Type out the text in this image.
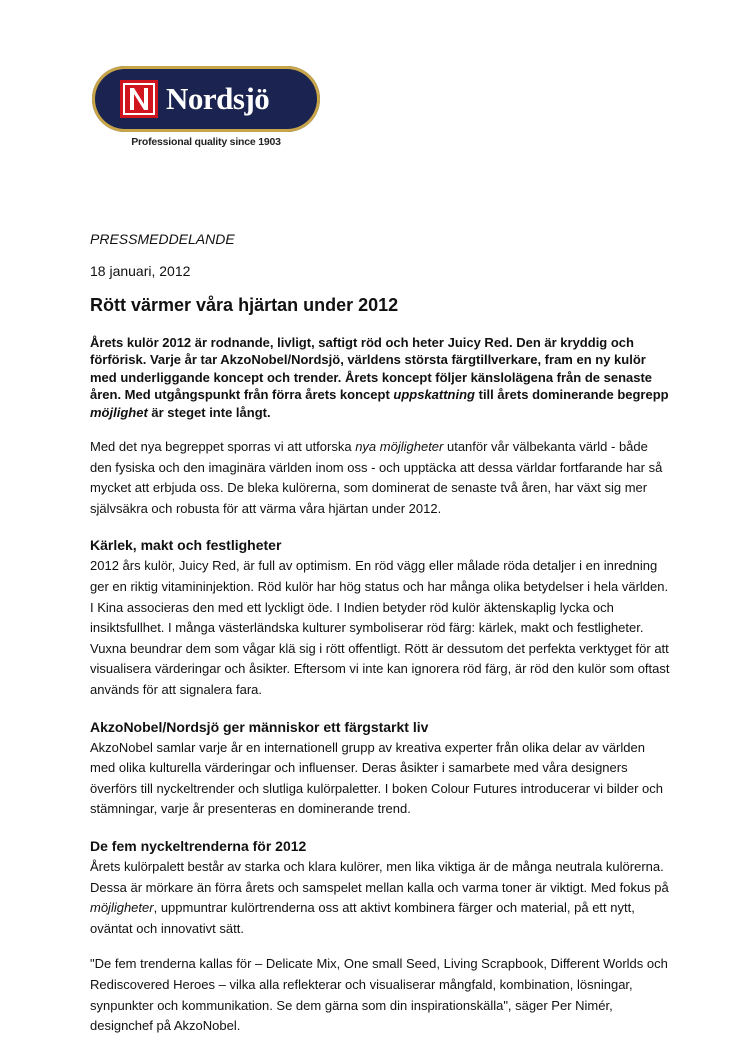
Nordsjö
Professional quality since 1903

PRESSMEDDELANDE

18 januari, 2012

Rött värmer våra hjärtan under 2012

Årets kulör 2012 är rodnande, livligt, saftigt röd och heter Juicy Red. Den är kryddig och förförisk. Varje år tar AkzoNobel/Nordsjö, världens största färgtillverkare, fram en ny kulör med underliggande koncept och trender. Årets koncept följer känslolägena från de senaste åren. Med utgångspunkt från förra årets koncept uppskattning till årets dominerande begrepp möjlighet är steget inte långt.

Med det nya begreppet sporras vi att utforska nya möjligheter utanför vår välbekanta värld - både den fysiska och den imaginära världen inom oss - och upptäcka att dessa världar fortfarande har så mycket att erbjuda oss. De bleka kulörerna, som dominerat de senaste två åren, har växt sig mer självsäkra och robusta för att värma våra hjärtan under 2012.

Kärlek, makt och festligheter

2012 års kulör, Juicy Red, är full av optimism. En röd vägg eller målade röda detaljer i en inredning ger en riktig vitamininjektion. Röd kulör har hög status och har många olika betydelser i hela världen. I Kina associeras den med ett lyckligt öde. I Indien betyder röd kulör äktenskaplig lycka och insiktsfullhet. I många västerländska kulturer symboliserar röd färg: kärlek, makt och festligheter. Vuxna beundrar dem som vågar klä sig i rött offentligt. Rött är dessutom det perfekta verktyget för att visualisera värderingar och åsikter. Eftersom vi inte kan ignorera röd färg, är röd den kulör som oftast används för att signalera fara.

AkzoNobel/Nordsjö ger människor ett färgstarkt liv

AkzoNobel samlar varje år en internationell grupp av kreativa experter från olika delar av världen med olika kulturella värderingar och influenser. Deras åsikter i samarbete med våra designers överförs till nyckeltrender och slutliga kulörpaletter. I boken Colour Futures introducerar vi bilder och stämningar, varje år presenteras en dominerande trend.

De fem nyckeltrenderna för 2012

Årets kulörpalett består av starka och klara kulörer, men lika viktiga är de många neutrala kulörerna. Dessa är mörkare än förra årets och samspelet mellan kalla och varma toner är viktigt. Med fokus på möjligheter, uppmuntrar kulörtrenderna oss att aktivt kombinera färger och material, på ett nytt, oväntat och innovativt sätt.

"De fem trenderna kallas för – Delicate Mix, One small Seed, Living Scrapbook, Different Worlds och Rediscovered Heroes – vilka alla reflekterar och visualiserar mångfald, kombination, lösningar, synpunkter och kommunikation. Se dem gärna som din inspirationskälla", säger Per Nimér, designchef på AkzoNobel.
